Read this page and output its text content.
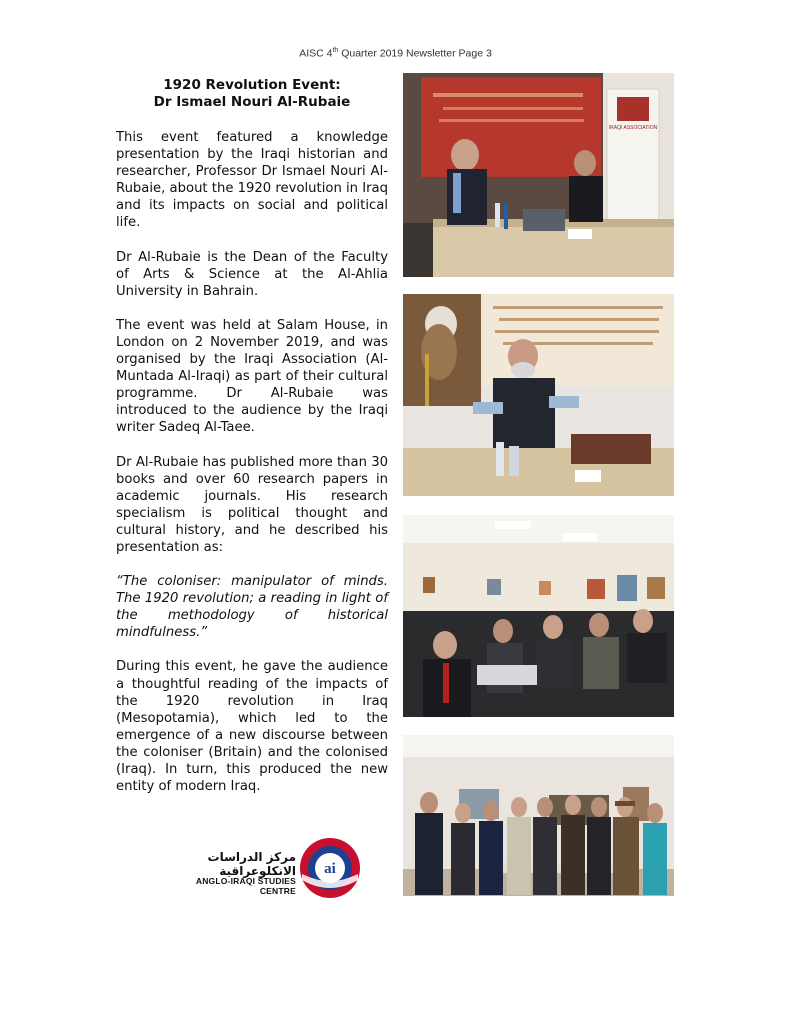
AISC 4th Quarter 2019 Newsletter Page 3
1920 Revolution Event:
Dr Ismael Nouri Al-Rubaie

This event featured a knowledge presentation by the Iraqi historian and researcher, Professor Dr Ismael Nouri Al-Rubaie, about the 1920 revolution in Iraq and its impacts on social and political life.

Dr Al-Rubaie is the Dean of the Faculty of Arts & Science at the Al-Ahlia University in Bahrain.

The event was held at Salam House, in London on 2 November 2019, and was organised by the Iraqi Association (Al-Muntada Al-Iraqi) as part of their cultural programme. Dr Al-Rubaie was introduced to the audience by the Iraqi writer Sadeq Al-Taee.

Dr Al-Rubaie has published more than 30 books and over 60 research papers in academic journals. His research specialism is political thought and cultural history, and he described his presentation as:

“The coloniser: manipulator of minds. The 1920 revolution; a reading in light of the methodology of historical mindfulness.”

During this event, he gave the audience a thoughtful reading of the impacts of the 1920 revolution in Iraq (Mesopotamia), which led to the emergence of a new discourse between the coloniser (Britain) and the colonised (Iraq). In turn, this produced the new entity of modern Iraq.

مركز الدراسات الانكلوعراقية
ANGLO-IRAQI STUDIES CENTRE
ai
IRAQI ASSOCIATION
